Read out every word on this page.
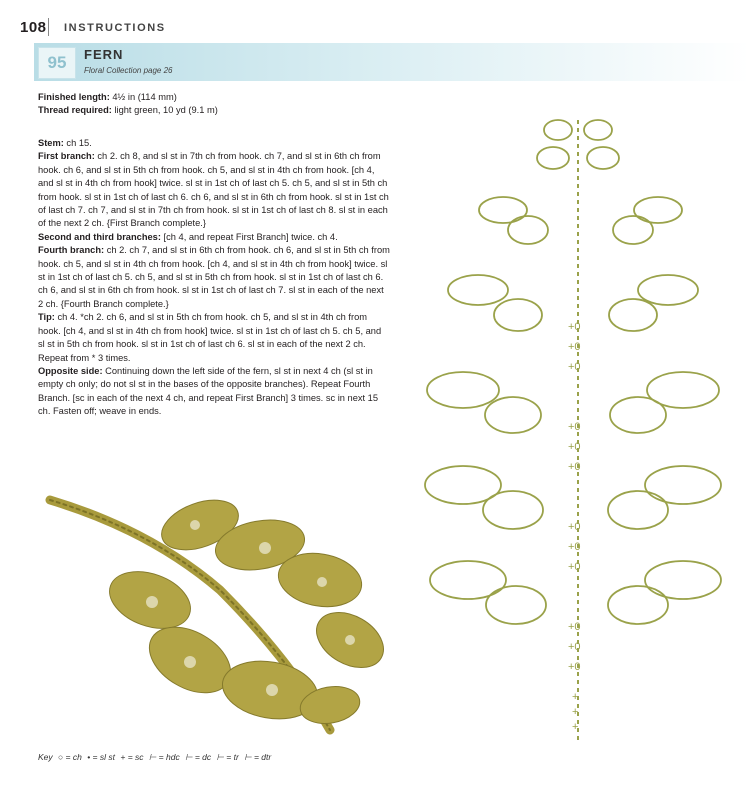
108 INSTRUCTIONS
95	FERN
Floral Collection page 26

Finished length: 4½ in (114 mm)

Thread required: light green, 10 yd (9.1 m)

Stem: ch 15.

First branch: ch 2. ch 8, and sl st in 7th ch from hook. ch 7, and sl st in 6th ch from hook. ch 6, and sl st in 5th ch from hook. ch 5, and sl st in 4th ch from hook. [ch 4, and sl st in 4th ch from hook] twice. sl st in 1st ch of last ch 5. ch 5, and sl st in 5th ch from hook. sl st in 1st ch of last ch 6. ch 6, and sl st in 6th ch from hook. sl st in 1st ch of last ch 7. ch 7, and sl st in 7th ch from hook. sl st in 1st ch of last ch 8. sl st in each of the next 2 ch. {First Branch complete.}

Second and third branches: [ch 4, and repeat First Branch] twice. ch 4.

Fourth branch: ch 2. ch 7, and sl st in 6th ch from hook. ch 6, and sl st in 5th ch from hook. ch 5, and sl st in 4th ch from hook. [ch 4, and sl st in 4th ch from hook] twice. sl st in 1st ch of last ch 5. ch 5, and sl st in 5th ch from hook. sl st in 1st ch of last ch 6. ch 6, and sl st in 6th ch from hook. sl st in 1st ch of last ch 7. sl st in each of the next 2 ch. {Fourth Branch complete.}

Tip: ch 4. *ch 2. ch 6, and sl st in 5th ch from hook. ch 5, and sl st in 4th ch from hook. [ch 4, and sl st in 4th ch from hook] twice. sl st in 1st ch of last ch 5. ch 5, and sl st in 5th ch from hook. sl st in 1st ch of last ch 6. sl st in each of the next 2 ch. Repeat from * 3 times.

Opposite side: Continuing down the left side of the fern, sl st in next 4 ch (sl st in empty ch only; do not sl st in the bases of the opposite branches). Repeat Fourth Branch. [sc in each of the next 4 ch, and repeat First Branch] 3 times. sc in next 15 ch. Fasten off; weave in ends.

+0
+0
+0
+0
+0
+0
+0
+0
+0
+0
+0
+0
+
+
+
Key ○ = ch • = sl st + = sc ⊢ = hdc ⊢ = dc ⊢ = tr ⊢ = dtr
